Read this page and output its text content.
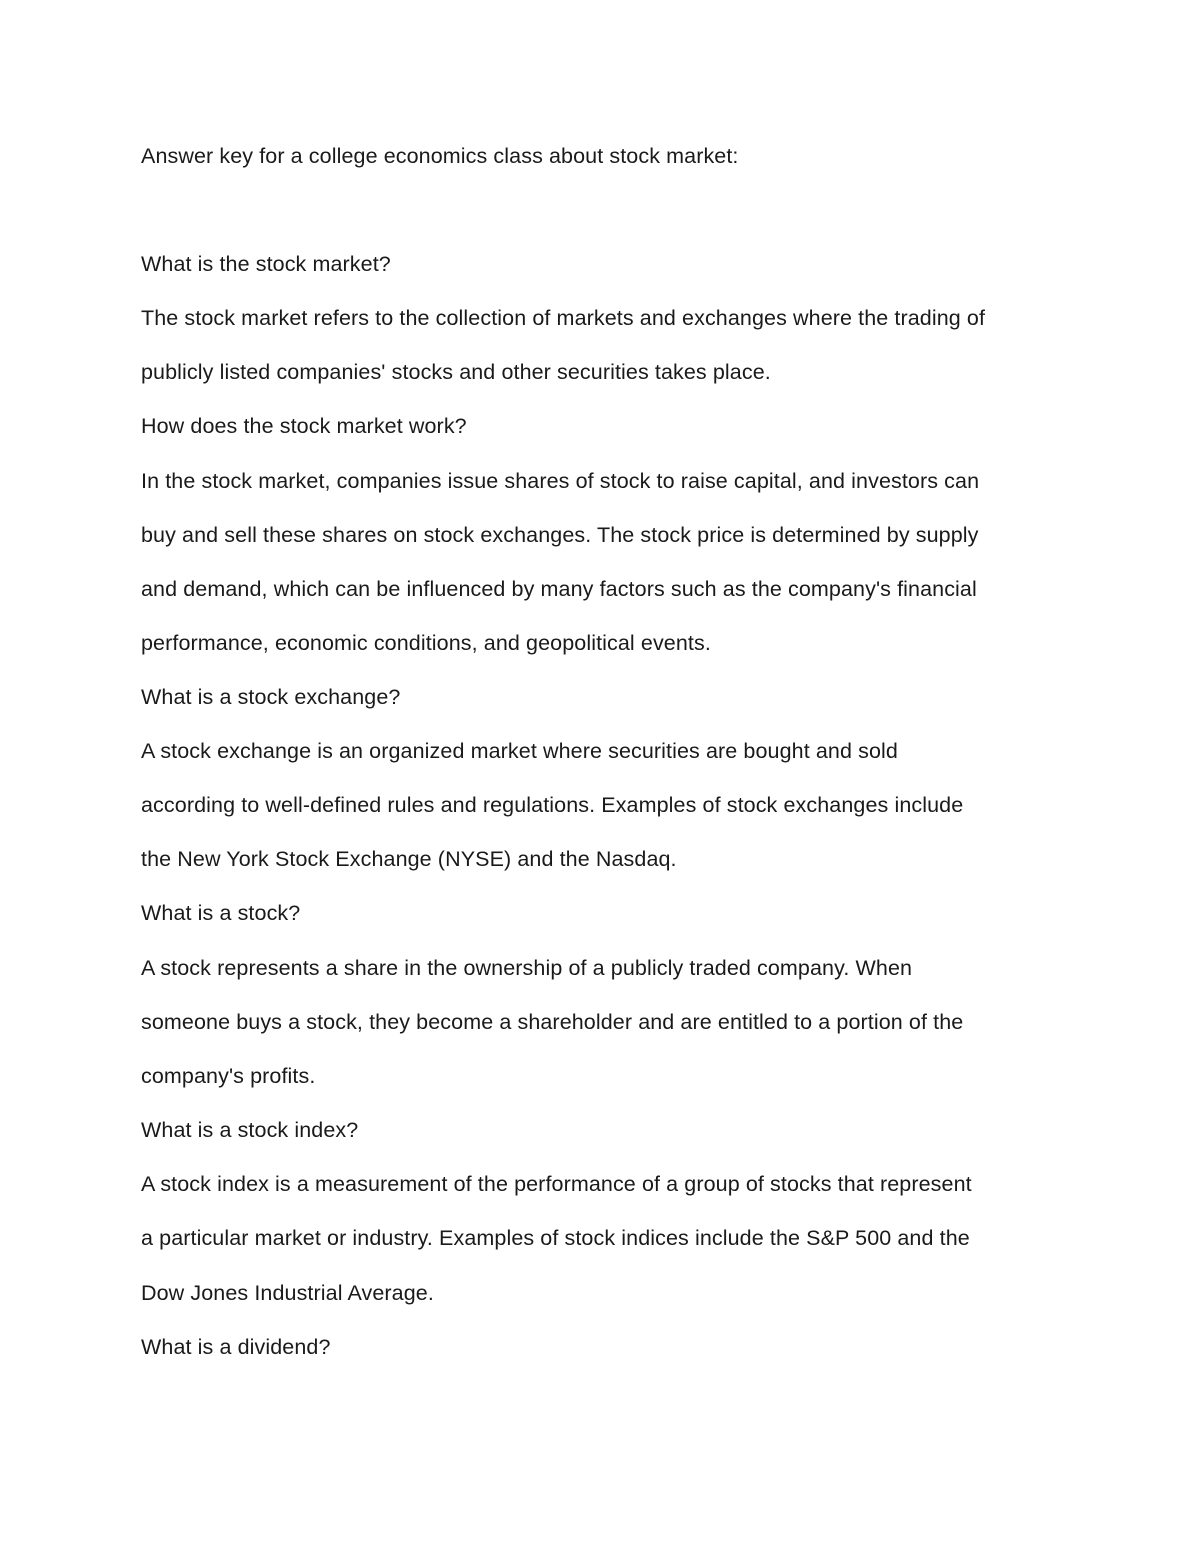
Answer key for a college economics class about stock market:
What is the stock market?
The stock market refers to the collection of markets and exchanges where the trading of
publicly listed companies' stocks and other securities takes place.
How does the stock market work?
In the stock market, companies issue shares of stock to raise capital, and investors can
buy and sell these shares on stock exchanges. The stock price is determined by supply
and demand, which can be influenced by many factors such as the company's financial
performance, economic conditions, and geopolitical events.
What is a stock exchange?
A stock exchange is an organized market where securities are bought and sold
according to well-defined rules and regulations. Examples of stock exchanges include
the New York Stock Exchange (NYSE) and the Nasdaq.
What is a stock?
A stock represents a share in the ownership of a publicly traded company. When
someone buys a stock, they become a shareholder and are entitled to a portion of the
company's profits.
What is a stock index?
A stock index is a measurement of the performance of a group of stocks that represent
a particular market or industry. Examples of stock indices include the S&P 500 and the
Dow Jones Industrial Average.
What is a dividend?
